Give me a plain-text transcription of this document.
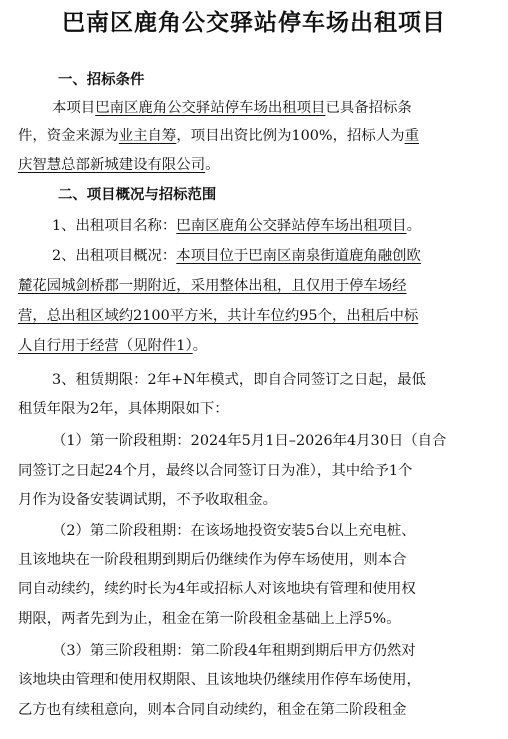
巴南区鹿角公交驿站停车场出租项目
一、招标条件
本项目巴南区鹿角公交驿站停车场出租项目已具备招标条
件，资金来源为业主自筹，项目出资比例为100%，招标人为重
庆智慧总部新城建设有限公司。
二、项目概况与招标范围
1、出租项目名称：巴南区鹿角公交驿站停车场出租项目。
2、出租项目概况：本项目位于巴南区南泉街道鹿角融创欧
麓花园城剑桥郡一期附近，采用整体出租，且仅用于停车场经
营，总出租区域约2100平方米，共计车位约95个，出租后中标
人自行用于经营（见附件1）。
3、租赁期限：2年+N年模式，即自合同签订之日起，最低
租赁年限为2年，具体期限如下：
（1）第一阶段租期：2024年5月1日–2026年4月30日（自合
同签订之日起24个月，最终以合同签订日为准），其中给予1个
月作为设备安装调试期，不予收取租金。
（2）第二阶段租期：在该场地投资安装5台以上充电桩、
且该地块在一阶段租期到期后仍继续作为停车场使用，则本合
同自动续约，续约时长为4年或招标人对该地块有管理和使用权
期限，两者先到为止，租金在第一阶段租金基础上上浮5%。
（3）第三阶段租期：第二阶段4年租期到期后甲方仍然对
该地块由管理和使用权期限、且该地块仍继续用作停车场使用，
乙方也有续租意向，则本合同自动续约，租金在第二阶段租金
